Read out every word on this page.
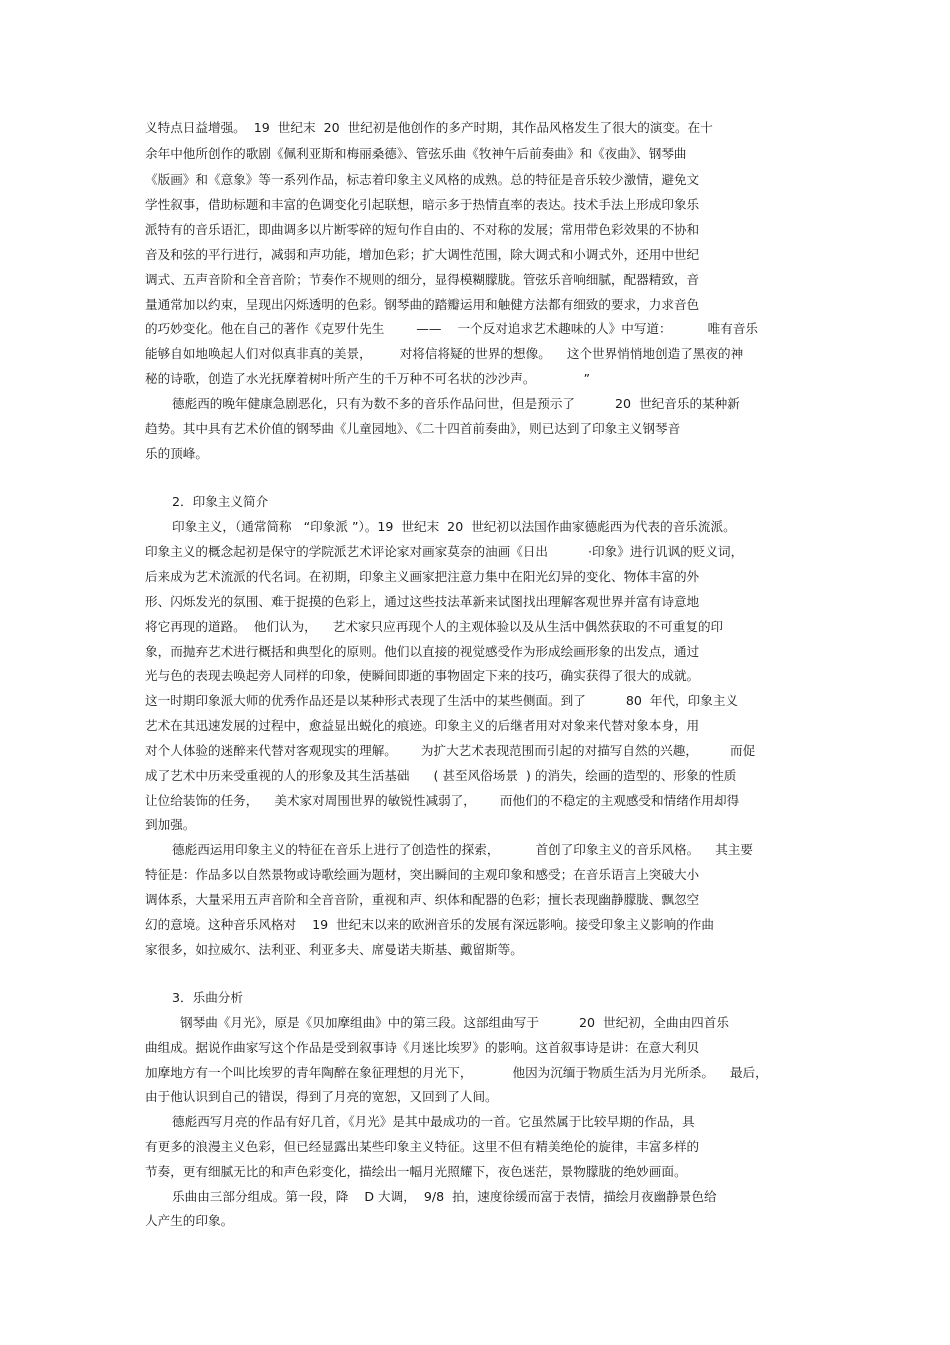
义特点日益增强。  19  世纪末  20  世纪初是他创作的多产时期，其作品风格发生了很大的演变。在十
余年中他所创作的歌剧《佩利亚斯和梅丽桑德》、管弦乐曲《牧神午后前奏曲》和《夜曲》、钢琴曲
《版画》和《意象》等一系列作品，标志着印象主义风格的成熟。总的特征是音乐较少激情，避免文
学性叙事，借助标题和丰富的色调变化引起联想，暗示多于热情直率的表达。技术手法上形成印象乐
派特有的音乐语汇，即曲调多以片断零碎的短句作自由的、不对称的发展；常用带色彩效果的不协和
音及和弦的平行进行，减弱和声功能，增加色彩；扩大调性范围，除大调式和小调式外，还用中世纪
调式、五声音阶和全音音阶；节奏作不规则的细分，显得模糊朦胧。管弦乐音响细腻，配器精致，音
量通常加以约束，呈现出闪烁透明的色彩。钢琴曲的踏瓣运用和触健方法都有细致的要求，力求音色
的巧妙变化。他在自己的著作《克罗什先生        ——    一个反对追求艺术趣味的人》中写道：         唯有音乐
能够自如地唤起人们对似真非真的美景，       对将信将疑的世界的想像。    这个世界悄悄地创造了黑夜的神
秘的诗歌，创造了水光抚摩着树叶所产生的千万种不可名状的沙沙声。            ”
德彪西的晚年健康急剧恶化，只有为数不多的音乐作品问世，但是预示了          20  世纪音乐的某种新
趋势。其中具有艺术价值的钢琴曲《儿童园地》、《二十四首前奏曲》，则已达到了印象主义钢琴音
乐的顶峰。
2．印象主义简介
印象主义，（通常简称   “印象派 ”）。19  世纪末  20  世纪初以法国作曲家德彪西为代表的音乐流派。
印象主义的概念起初是保守的学院派艺术评论家对画家莫奈的油画《日出          ·印象》进行讥讽的贬义词，
后来成为艺术流派的代名词。在初期，印象主义画家把注意力集中在阳光幻异的变化、物体丰富的外
形、闪烁发光的氛围、难于捉摸的色彩上，通过这些技法革新来试图找出理解客观世界并富有诗意地
将它再现的道路。  他们认为，    艺术家只应再现个人的主观体验以及从生活中偶然获取的不可重复的印
象，而抛弃艺术进行概括和典型化的原则。他们以直接的视觉感受作为形成绘画形象的出发点，通过
光与色的表现去唤起旁人同样的印象，使瞬间即逝的事物固定下来的技巧，确实获得了很大的成就。
这一时期印象派大师的优秀作品还是以某种形式表现了生活中的某些侧面。到了          80  年代，印象主义
艺术在其迅速发展的过程中，愈益显出蜕化的痕迹。印象主义的后继者用对对象来代替对象本身，用
对个人体验的迷醉来代替对客观现实的理解。      为扩大艺术表现范围而引起的对描写自然的兴趣，        而促
成了艺术中历来受重视的人的形象及其生活基础      ( 甚至风俗场景  ) 的消失，绘画的造型的、形象的性质
让位给装饰的任务，    美术家对周围世界的敏锐性减弱了，      而他们的不稳定的主观感受和情绪作用却得
到加强。
德彪西运用印象主义的特征在音乐上进行了创造性的探索，         首创了印象主义的音乐风格。    其主要
特征是：作品多以自然景物或诗歌绘画为题材，突出瞬间的主观印象和感受；在音乐语言上突破大小
调体系，大量采用五声音阶和全音音阶，重视和声、织体和配器的色彩；擅长表现幽静朦胧、飘忽空
幻的意境。这种音乐风格对    19  世纪末以来的欧洲音乐的发展有深远影响。接受印象主义影响的作曲
家很多，如拉威尔、法利亚、利亚多夫、席曼诺夫斯基、戴留斯等。
3．乐曲分析
钢琴曲《月光》，原是《贝加摩组曲》中的第三段。这部组曲写于          20  世纪初，全曲由四首乐
曲组成。据说作曲家写这个作品是受到叙事诗《月迷比埃罗》的影响。这首叙事诗是讲：在意大利贝
加摩地方有一个叫比埃罗的青年陶醉在象征理想的月光下，          他因为沉缅于物质生活为月光所杀。    最后，
由于他认识到自己的错误，得到了月亮的宽恕，又回到了人间。
德彪西写月亮的作品有好几首，《月光》是其中最成功的一首。它虽然属于比较早期的作品，具
有更多的浪漫主义色彩，但已经显露出某些印象主义特征。这里不但有精美绝伦的旋律，丰富多样的
节奏，更有细腻无比的和声色彩变化，描绘出一幅月光照耀下，夜色迷茫，景物朦胧的绝妙画面。
乐曲由三部分组成。第一段，降    D 大调，  9/8  拍，速度徐缓而富于表情，描绘月夜幽静景色给
人产生的印象。
